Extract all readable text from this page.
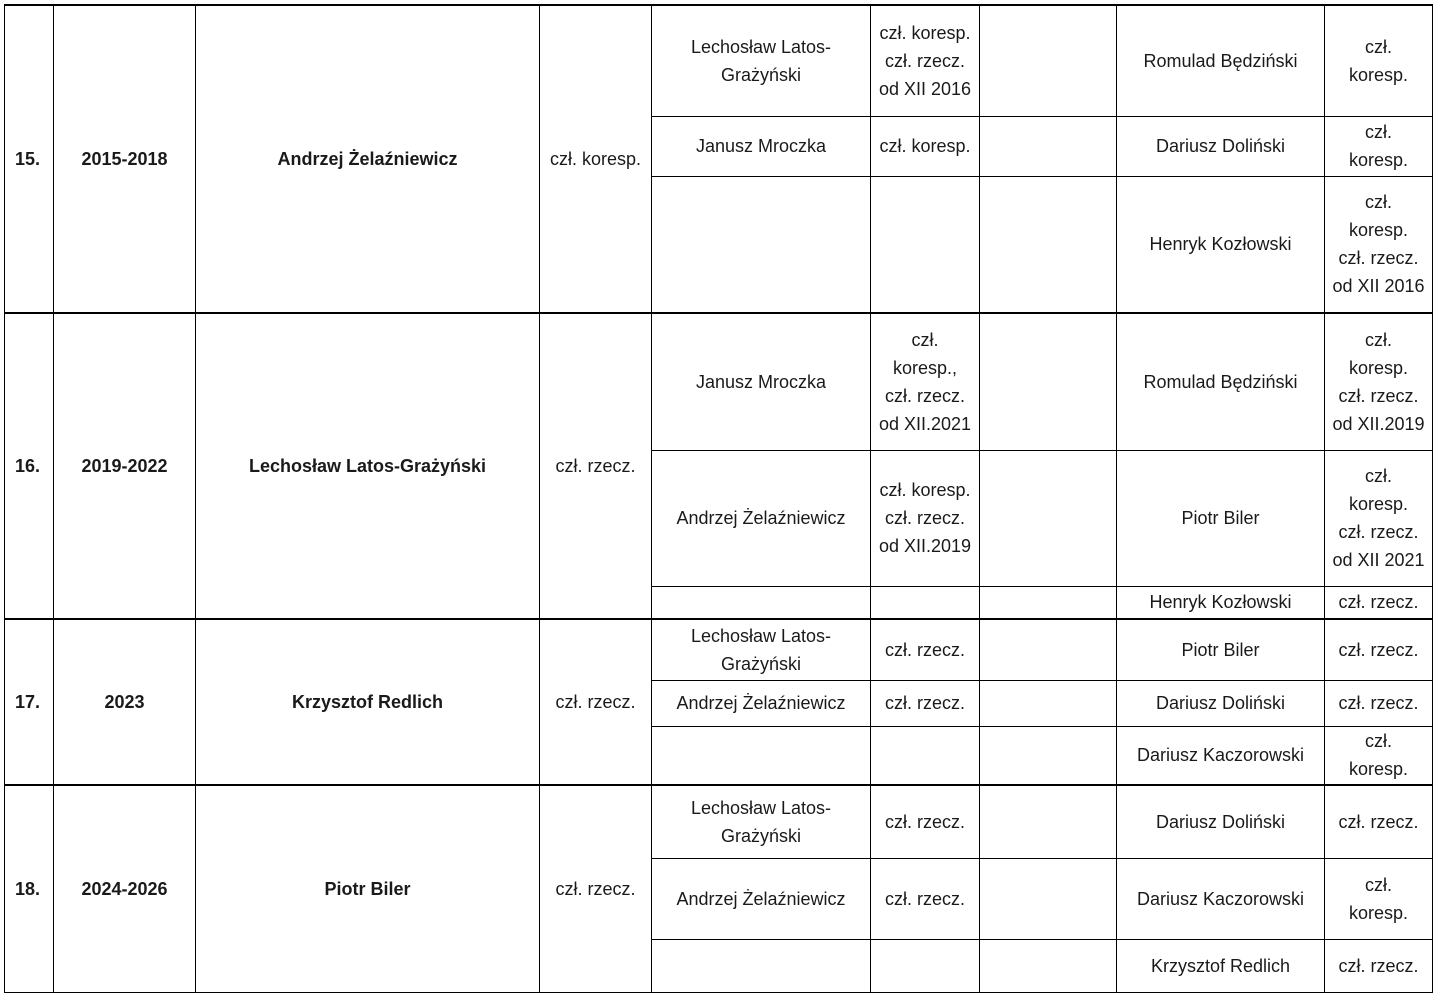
15.	2015-2018	Andrzej Żelaźniewicz	czł. koresp.	Lechosław Latos-
Grażyński	czł. koresp.
czł. rzecz.
od XII 2016		Romulad Będziński	czł.
koresp.
				Janusz Mroczka	czł. koresp.		Dariusz Doliński	czł.
koresp.
							Henryk Kozłowski	czł.
koresp.
czł. rzecz.
od XII 2016
16.	2019-2022	Lechosław Latos-Grażyński	czł. rzecz.	Janusz Mroczka	czł.
koresp.,
czł. rzecz.
od XII.2021		Romulad Będziński	czł.
koresp.
czł. rzecz.
od XII.2019
				Andrzej Żelaźniewicz	czł. koresp.
czł. rzecz.
od XII.2019		Piotr Biler	czł.
koresp.
czł. rzecz.
od XII 2021
							Henryk Kozłowski	czł. rzecz.
17.	2023	Krzysztof Redlich	czł. rzecz.	Lechosław Latos-
Grażyński	czł. rzecz.		Piotr Biler	czł. rzecz.
				Andrzej Żelaźniewicz	czł. rzecz.		Dariusz Doliński	czł. rzecz.
							Dariusz Kaczorowski	czł.
koresp.
18.	2024-2026	Piotr Biler	czł. rzecz.	Lechosław Latos-
Grażyński	czł. rzecz.		Dariusz Doliński	czł. rzecz.
				Andrzej Żelaźniewicz	czł. rzecz.		Dariusz Kaczorowski	czł.
koresp.
							Krzysztof Redlich	czł. rzecz.
